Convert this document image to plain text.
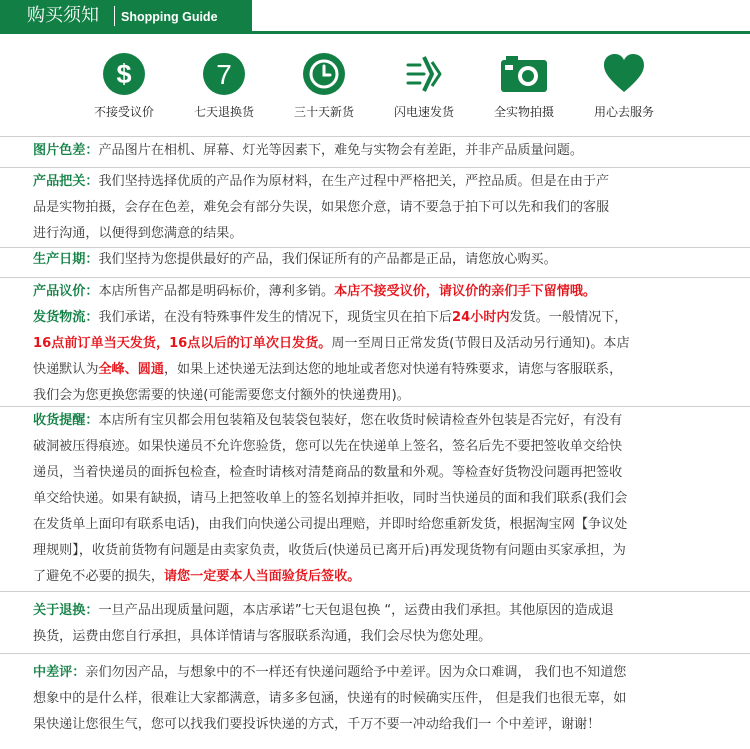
购买须知 Shopping Guide
$
不接受议价
7
七天退换货	三十天新货	闪电速发货	全实物拍摄	用心去服务
图片色差：产品图片在相机、屏幕、灯光等因素下，难免与实物会有差距，并非产品质量问题。
产品把关：我们坚持选择优质的产品作为原材料，在生产过程中严格把关，严控品质。但是在由于产
品是实物拍摄，会存在色差，难免会有部分失误，如果您介意，请不要急于拍下可以先和我们的客服
进行沟通，以便得到您满意的结果。
生产日期：我们坚持为您提供最好的产品，我们保证所有的产品都是正品，请您放心购买。
产品议价：本店所售产品都是明码标价，薄利多销。本店不接受议价，请议价的亲们手下留情哦。
发货物流：我们承诺，在没有特殊事件发生的情况下，现货宝贝在拍下后24小时内发货。一般情况下，
16点前订单当天发货，16点以后的订单次日发货。周一至周日正常发货(节假日及活动另行通知)。本店
快递默认为全峰、圆通，如果上述快递无法到达您的地址或者您对快递有特殊要求，请您与客服联系，
我们会为您更换您需要的快递(可能需要您支付额外的快递费用)。
收货提醒：本店所有宝贝都会用包装箱及包装袋包装好，您在收货时候请检查外包装是否完好，有没有
破洞被压得痕迹。如果快递员不允许您验货，您可以先在快递单上签名，签名后先不要把签收单交给快
递员，当着快递员的面拆包检查，检查时请核对清楚商品的数量和外观。等检查好货物没问题再把签收
单交给快递。如果有缺损，请马上把签收单上的签名划掉并拒收，同时当快递员的面和我们联系(我们会
在发货单上面印有联系电话)，由我们向快递公司提出理赔，并即时给您重新发货，根据淘宝网【争议处
理规则】，收货前货物有问题是由卖家负责，收货后(快递员已离开后)再发现货物有问题由买家承担，为
了避免不必要的损失，请您一定要本人当面验货后签收。
关于退换：一旦产品出现质量问题，本店承诺”七天包退包换 “，运费由我们承担。其他原因的造成退
换货，运费由您自行承担，具体详情请与客服联系沟通，我们会尽快为您处理。
中差评：亲们勿因产品，与想象中的不一样还有快递问题给予中差评。因为众口难调， 我们也不知道您
想象中的是什么样，很难让大家都满意，请多多包涵，快递有的时候确实压件， 但是我们也很无辜，如
果快递让您很生气，您可以找我们要投诉快递的方式，千万不要一冲动给我们一 个中差评，谢谢！
